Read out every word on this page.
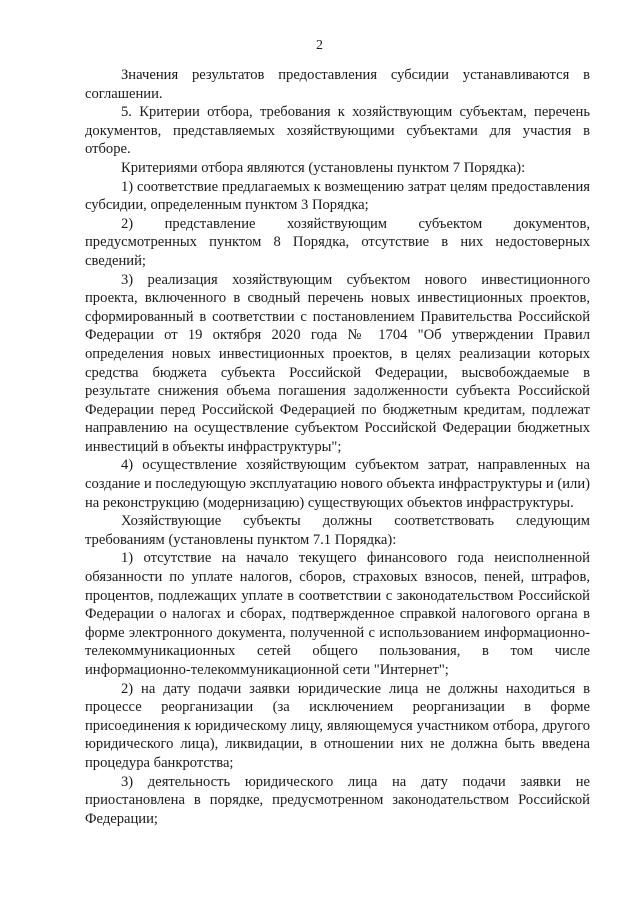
2

Значения результатов предоставления субсидии устанавливаются в соглашении.

5. Критерии отбора, требования к хозяйствующим субъектам, перечень документов, представляемых хозяйствующими субъектами для участия в отборе.

Критериями отбора являются (установлены пунктом 7 Порядка):

1) соответствие предлагаемых к возмещению затрат целям предоставления субсидии, определенным пунктом 3 Порядка;

2) представление хозяйствующим субъектом документов, предусмотренных пунктом 8 Порядка, отсутствие в них недостоверных сведений;

3) реализация хозяйствующим субъектом нового инвестиционного проекта, включенного в сводный перечень новых инвестиционных проектов, сформированный в соответствии с постановлением Правительства Российской Федерации от 19 октября 2020 года № 1704 "Об утверждении Правил определения новых инвестиционных проектов, в целях реализации которых средства бюджета субъекта Российской Федерации, высвобождаемые в результате снижения объема погашения задолженности субъекта Российской Федерации перед Российской Федерацией по бюджетным кредитам, подлежат направлению на осуществление субъектом Российской Федерации бюджетных инвестиций в объекты инфраструктуры";

4) осуществление хозяйствующим субъектом затрат, направленных на создание и последующую эксплуатацию нового объекта инфраструктуры и (или) на реконструкцию (модернизацию) существующих объектов инфраструктуры.

Хозяйствующие субъекты должны соответствовать следующим требованиям (установлены пунктом 7.1 Порядка):

1) отсутствие на начало текущего финансового года неисполненной обязанности по уплате налогов, сборов, страховых взносов, пеней, штрафов, процентов, подлежащих уплате в соответствии с законодательством Российской Федерации о налогах и сборах, подтвержденное справкой налогового органа в форме электронного документа, полученной с использованием информационно-телекоммуникационных сетей общего пользования, в том числе информационно-телекоммуникационной сети "Интернет";

2) на дату подачи заявки юридические лица не должны находиться в процессе реорганизации (за исключением реорганизации в форме присоединения к юридическому лицу, являющемуся участником отбора, другого юридического лица), ликвидации, в отношении них не должна быть введена процедура банкротства;

3) деятельность юридического лица на дату подачи заявки не приостановлена в порядке, предусмотренном законодательством Российской Федерации;
